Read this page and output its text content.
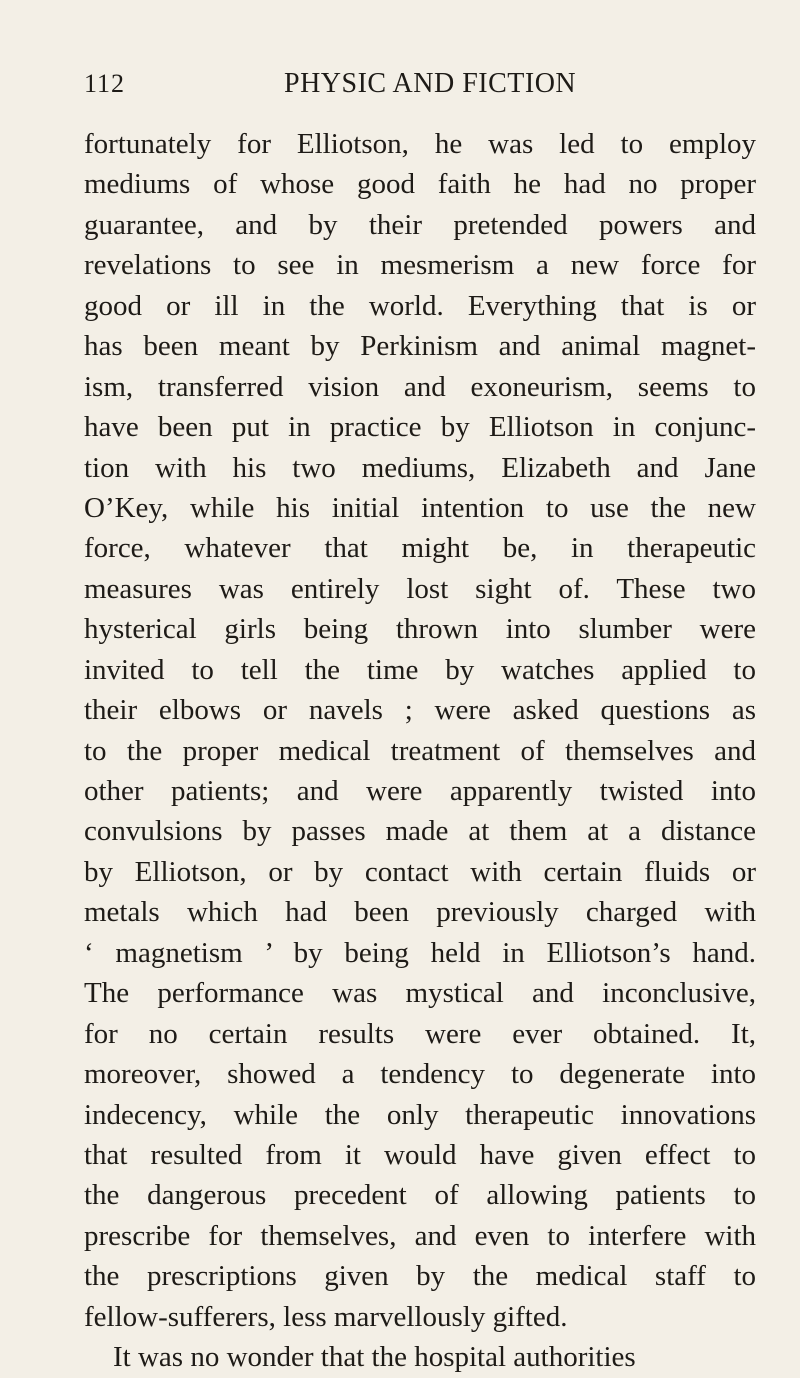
112	PHYSIC AND FICTION
fortunately for Elliotson, he was led to employ
mediums of whose good faith he had no proper
guarantee, and by their pretended powers and
revelations to see in mesmerism a new force for
good or ill in the world. Everything that is or
has been meant by Perkinism and animal magnet-
ism, transferred vision and exoneurism, seems to
have been put in practice by Elliotson in conjunc-
tion with his two mediums, Elizabeth and Jane
O’Key, while his initial intention to use the new
force, whatever that might be, in therapeutic
measures was entirely lost sight of. These two
hysterical girls being thrown into slumber were
invited to tell the time by watches applied to
their elbows or navels ; were asked questions as
to the proper medical treatment of themselves and
other patients; and were apparently twisted into
convulsions by passes made at them at a distance
by Elliotson, or by contact with certain fluids or
metals which had been previously charged with
‘ magnetism ’ by being held in Elliotson’s hand.
The performance was mystical and inconclusive,
for no certain results were ever obtained. It,
moreover, showed a tendency to degenerate into
indecency, while the only therapeutic innovations
that resulted from it would have given effect to
the dangerous precedent of allowing patients to
prescribe for themselves, and even to interfere with
the prescriptions given by the medical staff to
fellow-sufferers, less marvellously gifted.
It was no wonder that the hospital authorities
